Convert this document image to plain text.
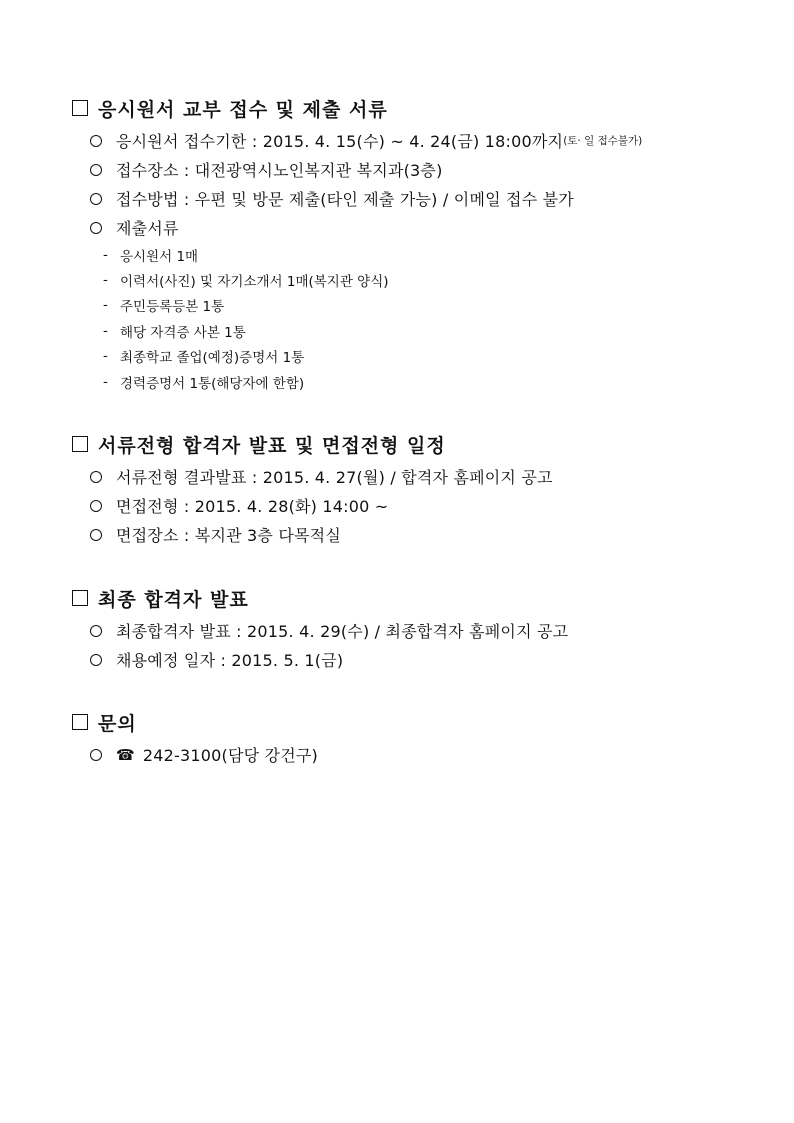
응시원서 교부 접수 및 제출 서류
응시원서 접수기한 : 2015. 4. 15(수) ~ 4. 24(금) 18:00까지 (토· 일 접수불가)
접수장소 : 대전광역시노인복지관 복지과(3층)
접수방법 : 우편 및 방문 제출(타인 제출 가능) / 이메일 접수 불가
제출서류
- 응시원서 1매
- 이력서(사진) 및 자기소개서 1매(복지관 양식)
- 주민등록등본 1통
- 해당 자격증 사본 1통
- 최종학교 졸업(예정)증명서 1통
- 경력증명서 1통(해당자에 한함)
서류전형 합격자 발표 및 면접전형 일정
서류전형 결과발표 : 2015. 4. 27(월) / 합격자 홈페이지 공고
면접전형 : 2015. 4. 28(화) 14:00 ~
면접장소 : 복지관 3층 다목적실
최종 합격자 발표
최종합격자 발표 : 2015. 4. 29(수) / 최종합격자 홈페이지 공고
채용예정 일자 : 2015. 5. 1(금)
문의
☎ 242-3100(담당 강건구)
